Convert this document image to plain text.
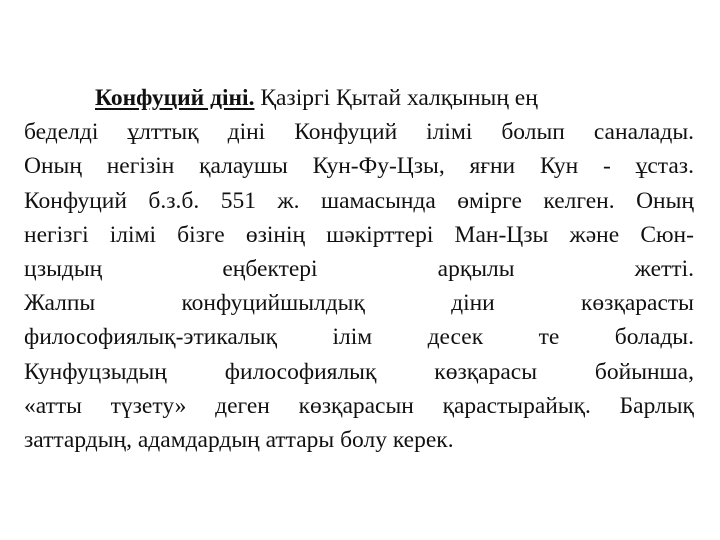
Конфуций діні. Қазіргі Қытай халқының ең
беделді ұлттық діні Конфуций ілімі болып саналады.
Оның негізін қалаушы Кун-Фу-Цзы, яғни Кун - ұстаз.
Конфуций б.з.б. 551 ж. шамасында өмірге келген. Оның
негізгі ілімі бізге өзінің шәкірттері Ман-Цзы және Сюн-
цзыдың	еңбектері	арқылы	жетті.
Жалпы	конфуцийшылдық	діни	көзқарасты
философиялық-этикалық ілім десек те болады.
Кунфуцзыдың философиялық көзқарасы бойынша,
«атты түзету» деген көзқарасын қарастырайық. Барлық
заттардың, адамдардың аттары болу керек.
